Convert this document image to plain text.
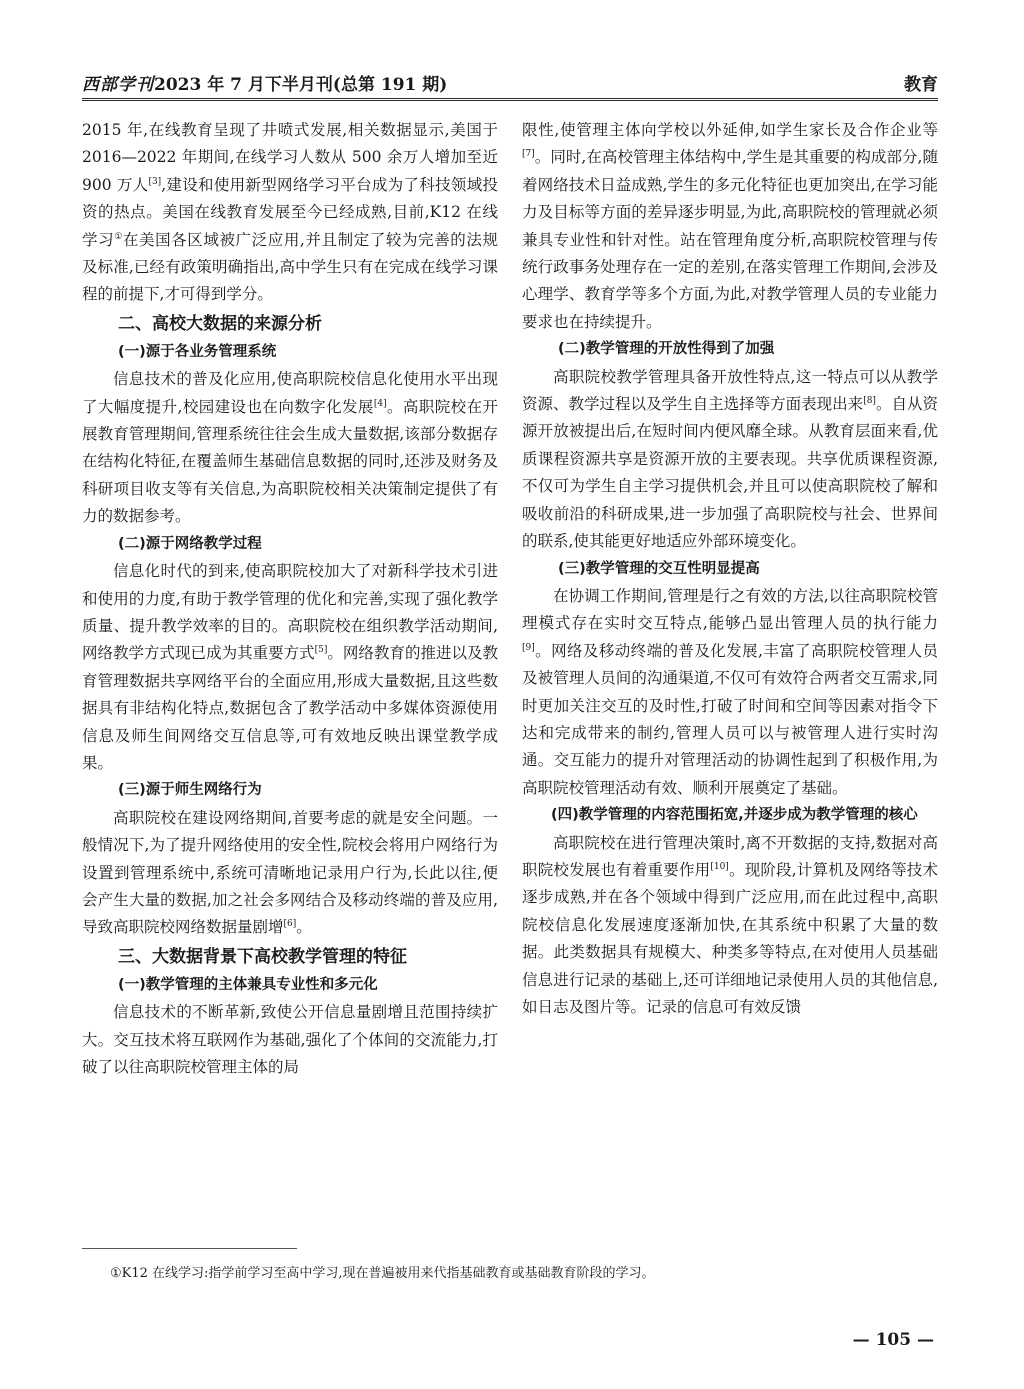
西部学刊2023 年 7 月下半月刊(总第 191 期)	教育

2015 年,在线教育呈现了井喷式发展,相关数据显示,美国于 2016—2022 年期间,在线学习人数从 500 余万人增加至近 900 万人[3],建设和使用新型网络学习平台成为了科技领域投资的热点。美国在线教育发展至今已经成熟,目前,K12 在线学习①在美国各区域被广泛应用,并且制定了较为完善的法规及标准,已经有政策明确指出,高中学生只有在完成在线学习课程的前提下,才可得到学分。

二、高校大数据的来源分析

(一)源于各业务管理系统

信息技术的普及化应用,使高职院校信息化使用水平出现了大幅度提升,校园建设也在向数字化发展[4]。高职院校在开展教育管理期间,管理系统往往会生成大量数据,该部分数据存在结构化特征,在覆盖师生基础信息数据的同时,还涉及财务及科研项目收支等有关信息,为高职院校相关决策制定提供了有力的数据参考。

(二)源于网络教学过程

信息化时代的到来,使高职院校加大了对新科学技术引进和使用的力度,有助于教学管理的优化和完善,实现了强化教学质量、提升教学效率的目的。高职院校在组织教学活动期间,网络教学方式现已成为其重要方式[5]。网络教育的推进以及教育管理数据共享网络平台的全面应用,形成大量数据,且这些数据具有非结构化特点,数据包含了教学活动中多媒体资源使用信息及师生间网络交互信息等,可有效地反映出课堂教学成果。

(三)源于师生网络行为

高职院校在建设网络期间,首要考虑的就是安全问题。一般情况下,为了提升网络使用的安全性,院校会将用户网络行为设置到管理系统中,系统可清晰地记录用户行为,长此以往,便会产生大量的数据,加之社会多网结合及移动终端的普及应用,导致高职院校网络数据量剧增[6]。

三、大数据背景下高校教学管理的特征

(一)教学管理的主体兼具专业性和多元化

信息技术的不断革新,致使公开信息量剧增且范围持续扩大。交互技术将互联网作为基础,强化了个体间的交流能力,打破了以往高职院校管理主体的局

限性,使管理主体向学校以外延伸,如学生家长及合作企业等[7]。同时,在高校管理主体结构中,学生是其重要的构成部分,随着网络技术日益成熟,学生的多元化特征也更加突出,在学习能力及目标等方面的差异逐步明显,为此,高职院校的管理就必须兼具专业性和针对性。站在管理角度分析,高职院校管理与传统行政事务处理存在一定的差别,在落实管理工作期间,会涉及心理学、教育学等多个方面,为此,对教学管理人员的专业能力要求也在持续提升。

(二)教学管理的开放性得到了加强

高职院校教学管理具备开放性特点,这一特点可以从教学资源、教学过程以及学生自主选择等方面表现出来[8]。自从资源开放被提出后,在短时间内便风靡全球。从教育层面来看,优质课程资源共享是资源开放的主要表现。共享优质课程资源,不仅可为学生自主学习提供机会,并且可以使高职院校了解和吸收前沿的科研成果,进一步加强了高职院校与社会、世界间的联系,使其能更好地适应外部环境变化。

(三)教学管理的交互性明显提高

在协调工作期间,管理是行之有效的方法,以往高职院校管理模式存在实时交互特点,能够凸显出管理人员的执行能力[9]。网络及移动终端的普及化发展,丰富了高职院校管理人员及被管理人员间的沟通渠道,不仅可有效符合两者交互需求,同时更加关注交互的及时性,打破了时间和空间等因素对指令下达和完成带来的制约,管理人员可以与被管理人进行实时沟通。交互能力的提升对管理活动的协调性起到了积极作用,为高职院校管理活动有效、顺利开展奠定了基础。

(四)教学管理的内容范围拓宽,并逐步成为教学管理的核心

高职院校在进行管理决策时,离不开数据的支持,数据对高职院校发展也有着重要作用[10]。现阶段,计算机及网络等技术逐步成熟,并在各个领域中得到广泛应用,而在此过程中,高职院校信息化发展速度逐渐加快,在其系统中积累了大量的数据。此类数据具有规模大、种类多等特点,在对使用人员基础信息进行记录的基础上,还可详细地记录使用人员的其他信息,如日志及图片等。记录的信息可有效反馈

①K12 在线学习:指学前学习至高中学习,现在普遍被用来代指基础教育或基础教育阶段的学习。
— 105 —
